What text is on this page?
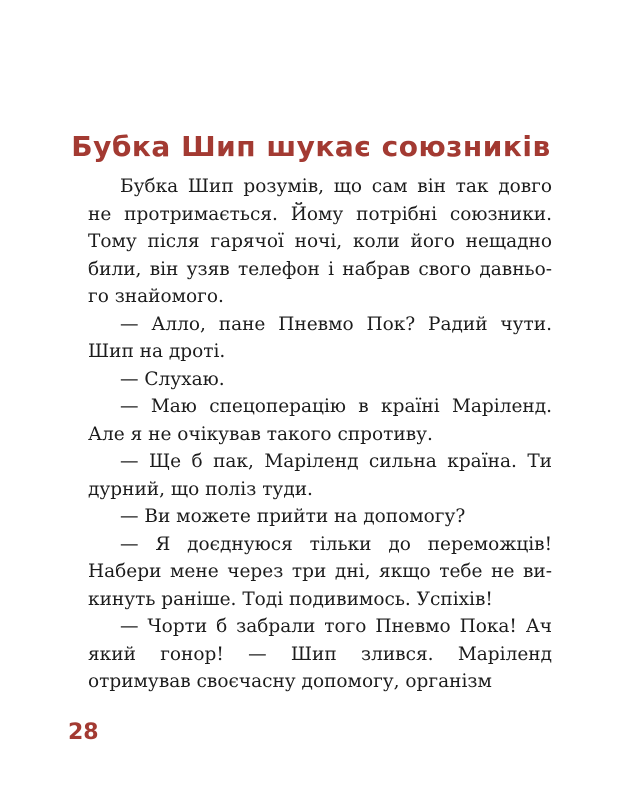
Бубка Шип шукає союзників

Бубка Шип розумів, що сам він так довго не протримається. Йому потрібні союзники. Тому після гарячої ночі, коли його нещадно били, він узяв телефон і набрав свого давньо-го знайомого.

— Алло, пане Пневмо Пок? Радий чути. Шип на дроті.

— Слухаю.

— Маю спецоперацію в країні Маріленд. Але я не очікував такого спротиву.

— Ще б пак, Маріленд сильна країна. Ти дурний, що поліз туди.

— Ви можете прийти на допомогу?

— Я доєднуюся тільки до переможців! Набери мене через три дні, якщо тебе не ви-кинуть раніше. Тоді подивимось. Успіхів!

— Чорти б забрали того Пневмо Пока! Ач який гонор! — Шип злився. Маріленд отримував своєчасну допомогу, організм

28
